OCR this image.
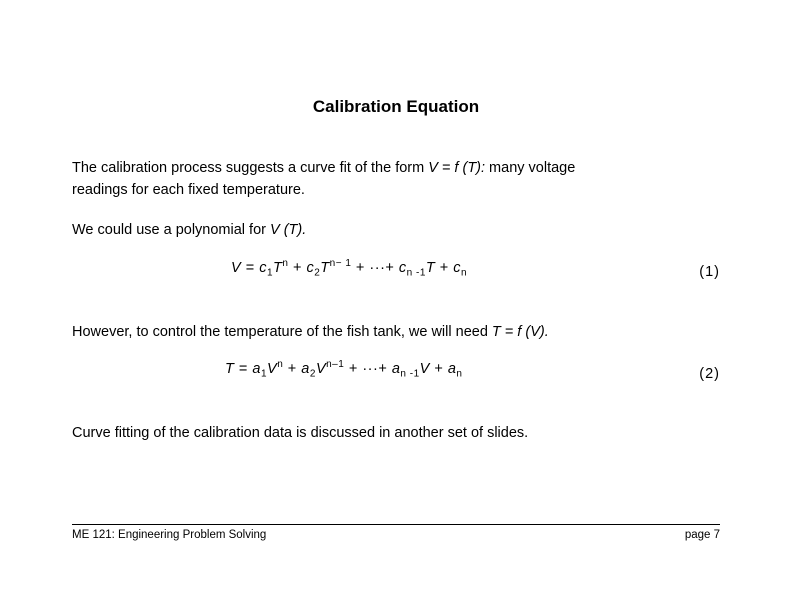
Calibration Equation
The calibration process suggests a curve fit of the form V = f (T): many voltage
readings for each fixed temperature.
We could use a polynomial for V (T).
$V = c_1T^n + c_2T^{n- 1}$ + ···+ $c_{n -1}T + c_n$	(1)
However, to control the temperature of the fish tank, we will need T = f (V).
$T = a_1V^n + a_2V^{n-1}$ + ···+ $a_{n -1}V + a_n$	(2)
Curve fitting of the calibration data is discussed in another set of slides.
ME 121: Engineering Problem Solving	page 7
